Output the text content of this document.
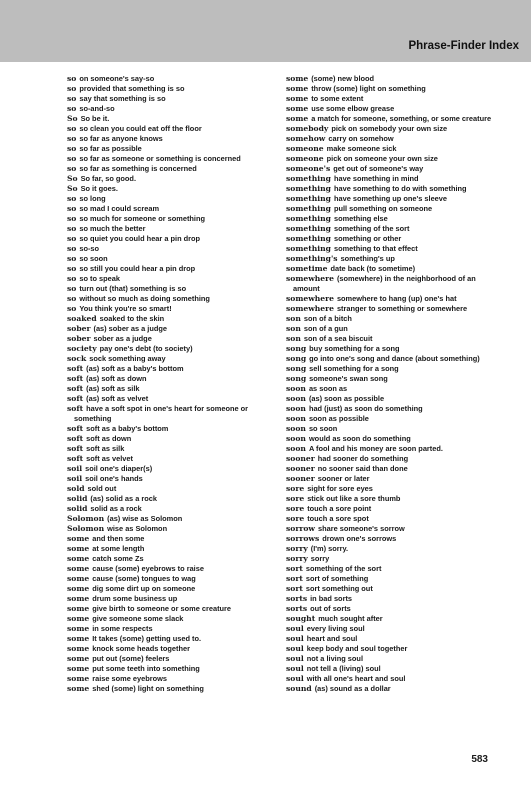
Phrase-Finder Index
so on someone's say-so
so provided that something is so
so say that something is so
so so-and-so
So So be it.
so so clean you could eat off the floor
so so far as anyone knows
so so far as possible
so so far as someone or something is concerned
so so far as something is concerned
So So far, so good.
So So it goes.
so so long
so so mad I could scream
so so much for someone or something
so so much the better
so so quiet you could hear a pin drop
so so-so
so so soon
so so still you could hear a pin drop
so so to speak
so turn out (that) something is so
so without so much as doing something
so You think you're so smart!
soaked soaked to the skin
sober (as) sober as a judge
sober sober as a judge
society pay one's debt (to society)
sock sock something away
soft (as) soft as a baby's bottom
soft (as) soft as down
soft (as) soft as silk
soft (as) soft as velvet
soft have a soft spot in one's heart for someone or
something
soft soft as a baby's bottom
soft soft as down
soft soft as silk
soft soft as velvet
soil soil one's diaper(s)
soil soil one's hands
sold sold out
solid (as) solid as a rock
solid solid as a rock
Solomon (as) wise as Solomon
Solomon wise as Solomon
some and then some
some at some length
some catch some Zs
some cause (some) eyebrows to raise
some cause (some) tongues to wag
some dig some dirt up on someone
some drum some business up
some give birth to someone or some creature
some give someone some slack
some in some respects
some It takes (some) getting used to.
some knock some heads together
some put out (some) feelers
some put some teeth into something
some raise some eyebrows
some shed (some) light on something
some (some) new blood
some throw (some) light on something
some to some extent
some use some elbow grease
some a match for someone, something, or some creature
somebody pick on somebody your own size
somehow carry on somehow
someone make someone sick
someone pick on someone your own size
someone's get out of someone's way
something have something in mind
something have something to do with something
something have something up one's sleeve
something pull something on someone
something something else
something something of the sort
something something or other
something something to that effect
something's something's up
sometime date back (to sometime)
somewhere (somewhere) in the neighborhood of an
amount
somewhere somewhere to hang (up) one's hat
somewhere stranger to something or somewhere
son son of a bitch
son son of a gun
son son of a sea biscuit
song buy something for a song
song go into one's song and dance (about something)
song sell something for a song
song someone's swan song
soon as soon as
soon (as) soon as possible
soon had (just) as soon do something
soon soon as possible
soon so soon
soon would as soon do something
soon A fool and his money are soon parted.
sooner had sooner do something
sooner no sooner said than done
sooner sooner or later
sore sight for sore eyes
sore stick out like a sore thumb
sore touch a sore point
sore touch a sore spot
sorrow share someone's sorrow
sorrows drown one's sorrows
sorry (I'm) sorry.
sorry sorry
sort something of the sort
sort sort of something
sort sort something out
sorts in bad sorts
sorts out of sorts
sought much sought after
soul every living soul
soul heart and soul
soul keep body and soul together
soul not a living soul
soul not tell a (living) soul
soul with all one's heart and soul
sound (as) sound as a dollar
583
